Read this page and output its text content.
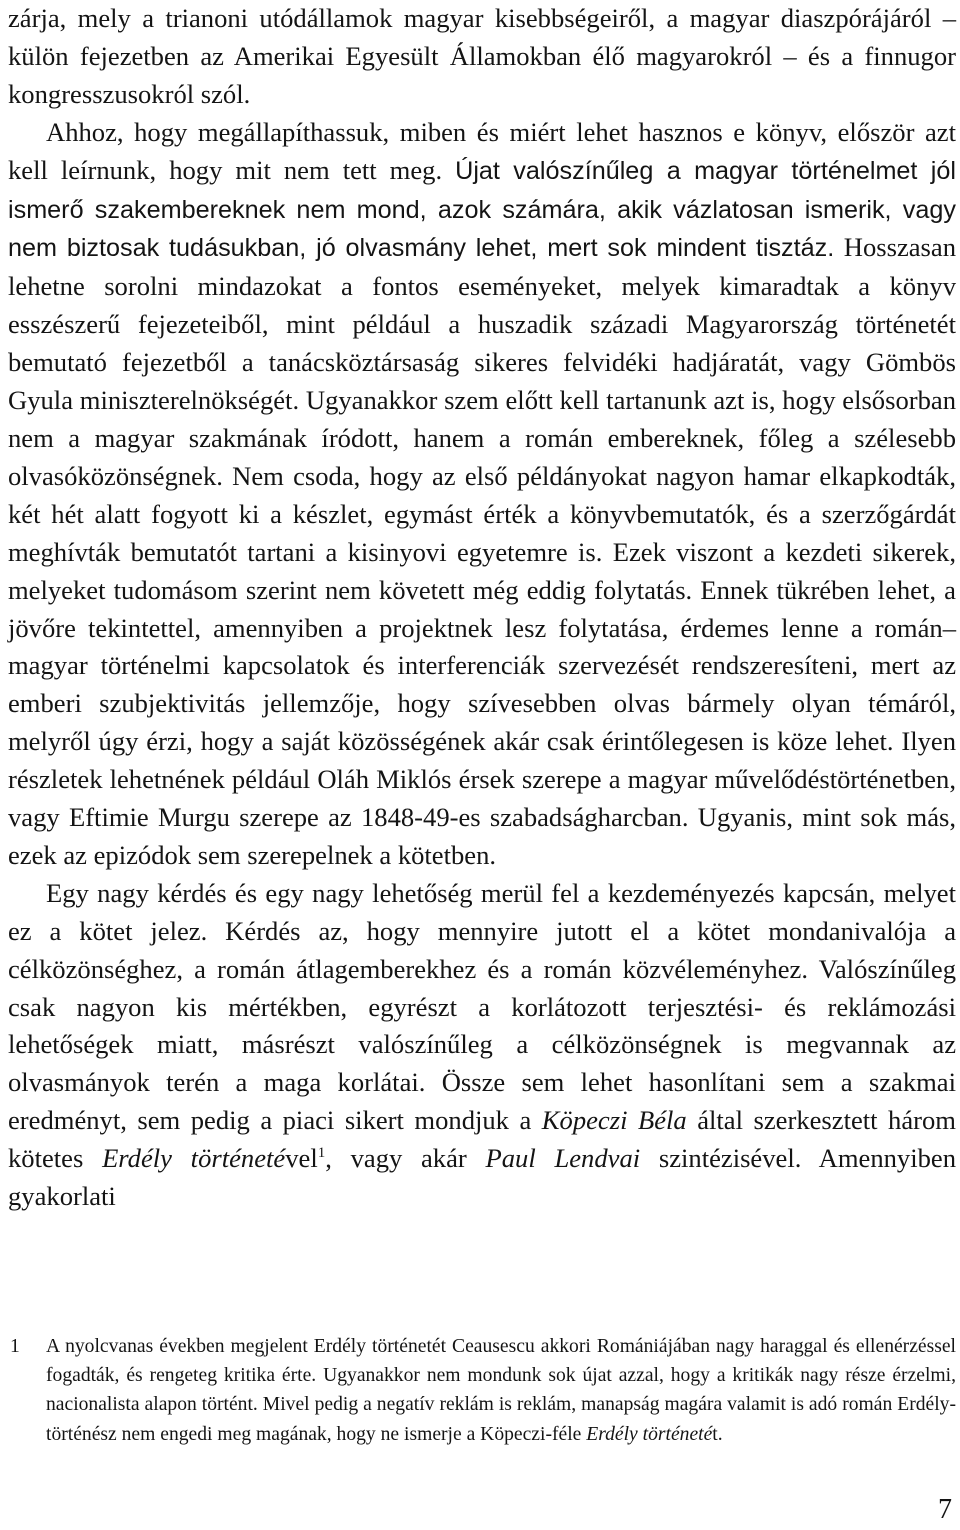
zárja, mely a trianoni utódállamok magyar kisebbségeiről, a magyar diaszpórájáról – külön fejezetben az Amerikai Egyesült Államokban élő magyarokról – és a finnugor kongresszusokról szól.

Ahhoz, hogy megállapíthassuk, miben és miért lehet hasznos e könyv, először azt kell leírnunk, hogy mit nem tett meg. Újat valószínűleg a magyar történelmet jól ismerő szakembereknek nem mond, azok számára, akik vázlatosan ismerik, vagy nem biztosak tudásukban, jó olvasmány lehet, mert sok mindent tisztáz. Hosszasan lehetne sorolni mindazokat a fontos eseményeket, melyek kimaradtak a könyv esszészerű fejezeteiből, mint például a huszadik századi Magyarország történetét bemutató fejezetből a tanácsköztársaság sikeres felvidéki hadjáratát, vagy Gömbös Gyula miniszterelnökségét. Ugyanakkor szem előtt kell tartanunk azt is, hogy elsősorban nem a magyar szakmának íródott, hanem a román embereknek, főleg a szélesebb olvasóközönségnek. Nem csoda, hogy az első példányokat nagyon hamar elkapkodták, két hét alatt fogyott ki a készlet, egymást érték a könyvbemutatók, és a szerzőgárdát meghívták bemutatót tartani a kisinyovi egyetemre is. Ezek viszont a kezdeti sikerek, melyeket tudomásom szerint nem követett még eddig folytatás. Ennek tükrében lehet, a jövőre tekintettel, amennyiben a projektnek lesz folytatása, érdemes lenne a román–magyar történelmi kapcsolatok és interferenciák szervezését rendszeresíteni, mert az emberi szubjektivitás jellemzője, hogy szívesebben olvas bármely olyan témáról, melyről úgy érzi, hogy a saját közösségének akár csak érintőlegesen is köze lehet. Ilyen részletek lehetnének például Oláh Miklós érsek szerepe a magyar művelődéstörténetben, vagy Eftimie Murgu szerepe az 1848-49-es szabadságharcban. Ugyanis, mint sok más, ezek az epizódok sem szerepelnek a kötetben.

Egy nagy kérdés és egy nagy lehetőség merül fel a kezdeményezés kapcsán, melyet ez a kötet jelez. Kérdés az, hogy mennyire jutott el a kötet mondanivalója a célközönséghez, a román átlagemberekhez és a román közvéleményhez. Valószínűleg csak nagyon kis mértékben, egyrészt a korlátozott terjesztési- és reklámozási lehetőségek miatt, másrészt valószínűleg a célközönségnek is megvannak az olvasmányok terén a maga korlátai. Össze sem lehet hasonlítani sem a szakmai eredményt, sem pedig a piaci sikert mondjuk a Köpeczi Béla által szerkesztett három kötetes Erdély történetével$^1$, vagy akár Paul Lendvai szintézisével. Amennyiben gyakorlati

1	A nyolcvanas években megjelent Erdély történetét Ceausescu akkori Romániájában nagy haraggal és ellenérzéssel fogadták, és rengeteg kritika érte. Ugyanakkor nem mondunk sok újat azzal, hogy a kritikák nagy része érzelmi, nacionalista alapon történt. Mivel pedig a negatív reklám is reklám, manapság magára valamit is adó román Erdély-történész nem engedi meg magának, hogy ne ismerje a Köpeczi-féle Erdély történetét.
7
